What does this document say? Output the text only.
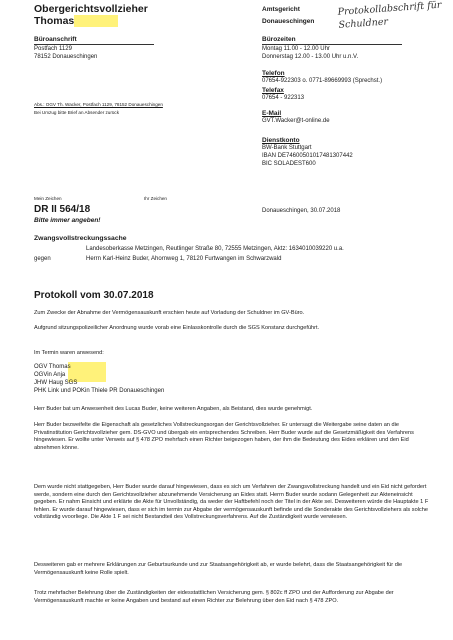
Obergerichtsvollzieher
Thomas
Amtsgericht
Donaueschingen
Protokollabschrift für Schuldner
Büroanschrift
Postfach 1129
78152 Donaueschingen
Bürozeiten
Montag 11.00 - 12.00 Uhr
Donnerstag 12.00 - 13.00 Uhr u.n.V.
Telefon
07654-922303 o. 0771-89669993 (Sprechst.)
Telefax
07654 - 922313
E-Mail
GVT.Wacker@t-online.de
Abs.: OGV Th. Wacker, Postfach 1129, 78152 Donaueschingen
Bei Umzug bitte Brief an Absender zurück
Dienstkonto
BW-Bank Stuttgart
IBAN DE74600501017481307442
BIC SOLADEST600
Mein Zeichen	Ihr Zeichen
DR II 564/18
Bitte immer angeben!
Donaueschingen, 30.07.2018
Zwangsvollstreckungssache
Landesoberkasse Metzingen, Reutlinger Straße 80, 72555 Metzingen, Aktz: 1634010039220 u.a.
gegen	Herrn Karl-Heinz Buder, Ahornweg 1, 78120 Furtwangen im Schwarzwald
Protokoll vom 30.07.2018
Zum Zwecke der Abnahme der Vermögensauskunft erschien heute auf Vorladung der Schuldner im GV-Büro.
Aufgrund sitzungspolizeilicher Anordnung wurde vorab eine Einlasskontrolle durch die SGS Konstanz durchgeführt.
Im Termin waren anwesend:
OGV Thomas
OGVin Anja
JHW Haug SGS
PHK Link und POKin Thiele PR Donaueschingen
Herr Buder bat um Anwesenheit des Lucas Buder, keine weiteren Angaben, als Beistand, dies wurde genehmigt.
Herr Buder bezweifelte die Eigenschaft als gesetzliches Vollstreckungsorgan der Gerichtsvollzieher. Er untersagt die Weitergabe seine daten an die Privatinstitution Gerichtsvollzieher gem. DS-GVO und übergab ein entsprechendes Schreiben. Herr Buder wurde auf die Gesetzmäßigkeit des Verfahrens hingewiesen. Er wollte unter Verweis auf § 478 ZPO mehrfach einen Richter beigezogen haben, der ihm die Bedeutung des Eides erklären und den Eid abnehmen könne.
Dem wurde nicht stattgegeben, Herr Buder wurde darauf hingewiesen, dass es sich um Verfahren der Zwangsvollstreckung handelt und ein Eid nicht gefordert werde, sondern eine durch den Gerichtsvollzieher abzunehmende Versicherung an Eides statt. Herrn Buder wurde sodann Gelegenheit zur Akteneinsicht gegeben. Er nahm Einsicht und erklärte die Akte für Unvollständig, da weder der Haftbefehl noch der Titel in der Akte sei. Desweiteren würde die Hauptakte 1 F fehlen. Er wurde darauf hingewiesen, dass er sich im termin zur Abgabe der vermögensauskunft befinde und die Sonderakte des Gerichtsvollziehers als solche vollständig vvoorliege. Die Akte 1 F sei nicht Bestandteil des Vollstreckungsverfahrens. Auf die Zuständigkeit wurde verwiesen.
Desweiteren gab er mehrere Erklärungen zur Geburtsurkunde und zur Staatsangehörigkeit ab, er wurde belehrt, dass die Staatsangehörigkeit für die Vermögensauskunft keine Rolle spielt.
Trotz mehrfacher Belehrung über die Zuständigkeiten der eidesstattlichen Versicherung gem. § 802c ff ZPO und der Aufforderung zur Abgabe der Vermögensauskunft machte er keine Angaben und bestand auf einen Richter zur Belehrung über den Eid nach § 478 ZPO.
